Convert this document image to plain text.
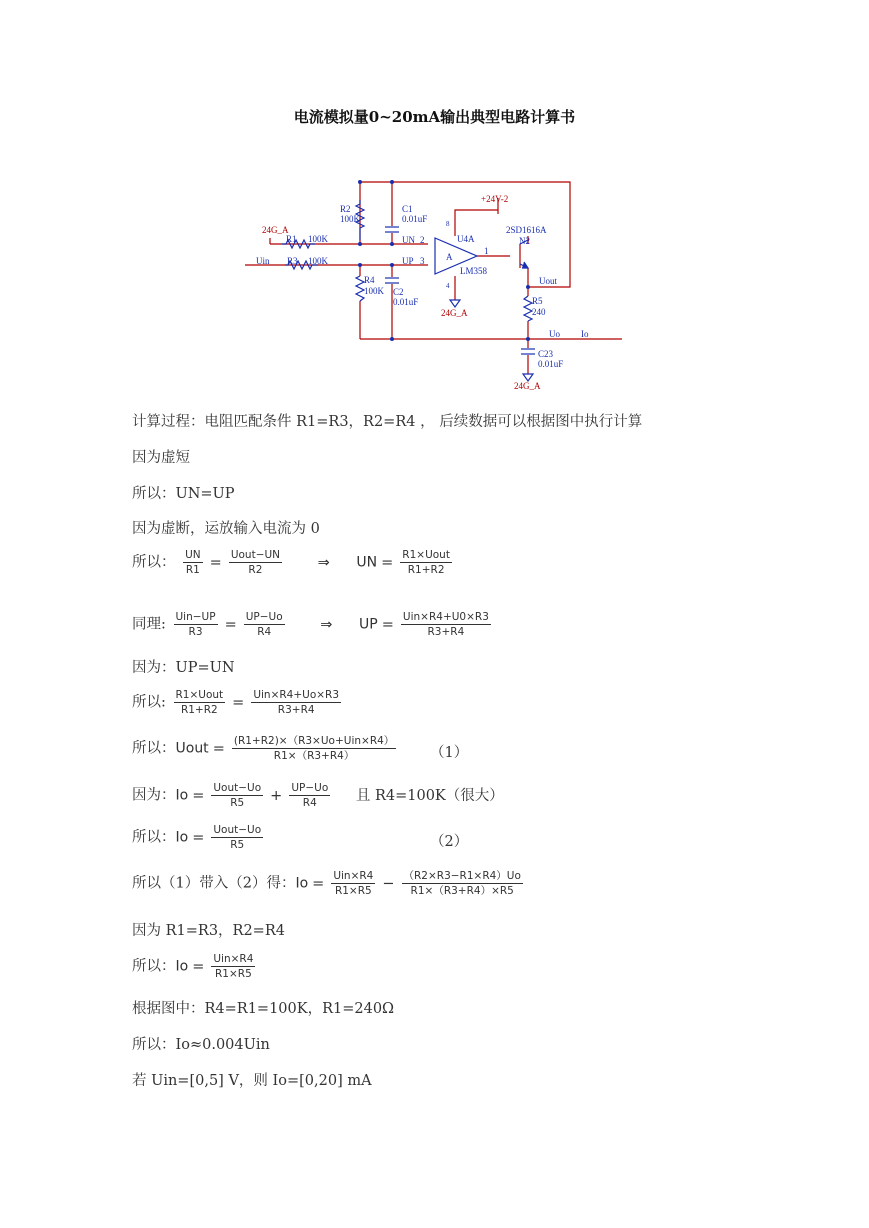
电流模拟量0~20mA输出典型电路计算书
R2
100K
C1
0.01uF
R1 100K	UN 2
Uin R3 100K	UP 3
R4
100K C2
0.01uF
U4A
A
8
4
1
LM358
2SD1616A
N2
Uout
R5
240
Uo Io
C23
0.01uF
24G_A
24G_A
+24V-2
24G_A
计算过程：电阻匹配条件 R1=R3，R2=R4 ， 后续数据可以根据图中执行计算
因为虚短
所以：UN=UP
因为虚断，运放输入电流为 0
所以： $\frac{UN}{R1} = \frac{\text{Uout−UN}}{R2}$ ⇒ UN = $\frac{\text{R1×Uout}}{R1+R2}$
同理: $\frac{\text{Uin−UP}}{R3} = \frac{UP-Uo}{R4}$ ⇒ UP = $\frac{\text{Uin×R4+U0×R3}}{R3+R4}$
因为：UP=UN
所以: $\frac{\text{R1×Uout}}{R1+R2} = \frac{\text{Uin×R4+Uo×R3}}{R3+R4}$
所以：Uout = $\frac{\text{(R1+R2)×（R3×Uo+Uin×R4）}}{R1\times(R3+R4)} (1)$
因为：$Io = \frac{\text{Uout−Uo}}{R5} + \frac{UP-Uo}{R4}$ 且 R4=100K（很大）
所以：$Io = \frac{\text{Uout−Uo}}{R5}$	（2）
所以（1）带入（2）得：$Io = \frac{\text{Uin×R4}}{R1\times R5} - \frac{(R2\times R3-R1\times R4)Uo}{R1\times(R3+R4)\times R5}$
因为 R1=R3，R2=R4
所以：$Io = \frac{\text{Uin×R4}}{R1\times R5}$
根据图中：R4=R1=100K，R1=240Ω
所以：Io≈0.004Uin
若 Uin=[0,5] V，则 Io=[0,20] mA
